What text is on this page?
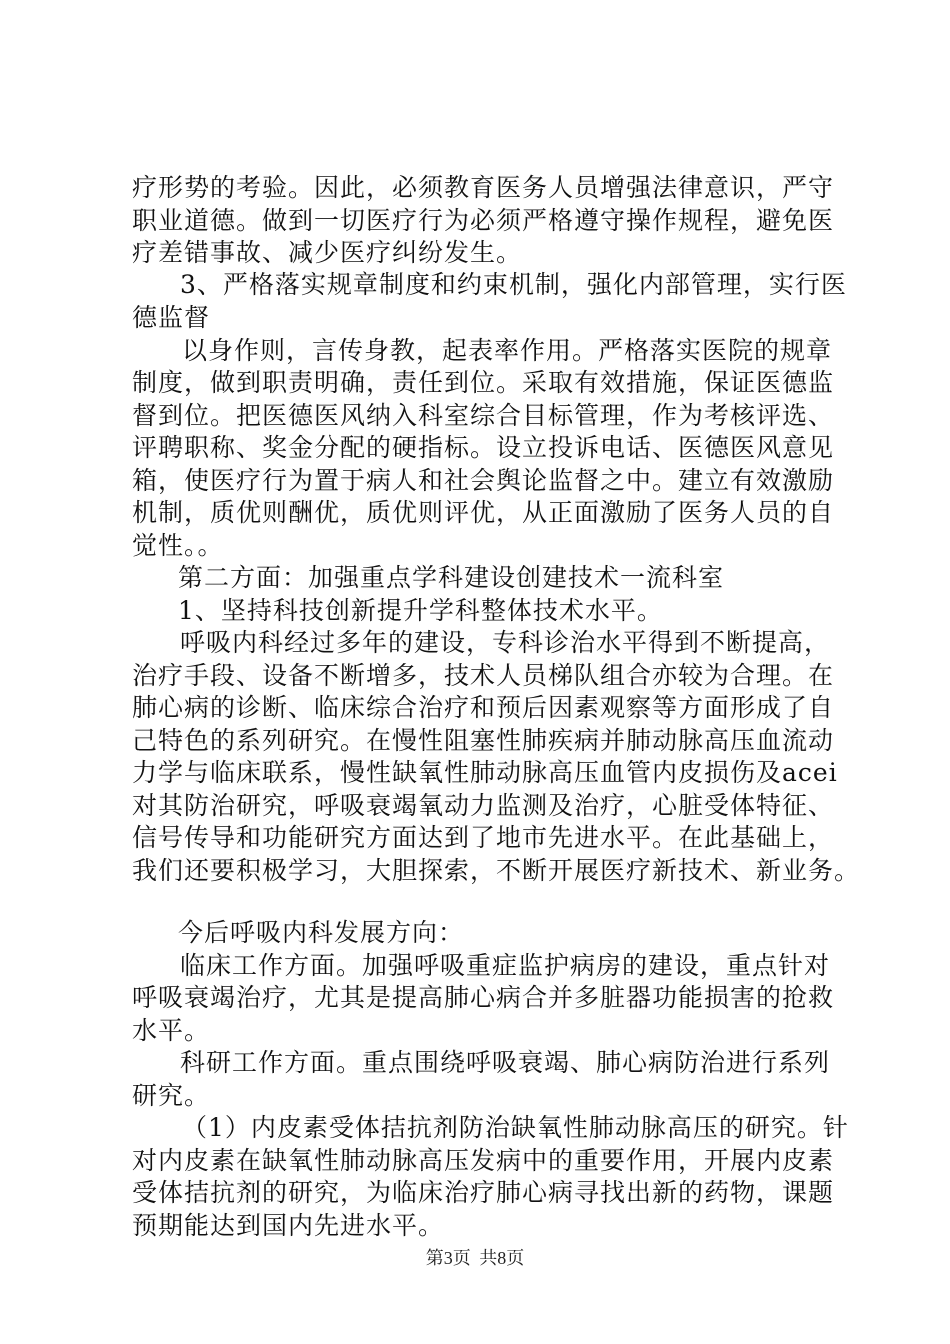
疗形势的考验。因此，必须教育医务人员增强法律意识，严守
职业道德。做到一切医疗行为必须严格遵守操作规程，避免医
疗差错事故、减少医疗纠纷发生。
3、严格落实规章制度和约束机制，强化内部管理，实行医
德监督
以身作则，言传身教，起表率作用。严格落实医院的规章
制度，做到职责明确，责任到位。采取有效措施，保证医德监
督到位。把医德医风纳入科室综合目标管理，作为考核评选、
评聘职称、奖金分配的硬指标。设立投诉电话、医德医风意见
箱，使医疗行为置于病人和社会舆论监督之中。建立有效激励
机制，质优则酬优，质优则评优，从正面激励了医务人员的自
觉性。。
第二方面：加强重点学科建设创建技术一流科室
1、坚持科技创新提升学科整体技术水平。
呼吸内科经过多年的建设，专科诊治水平得到不断提高，
治疗手段、设备不断增多，技术人员梯队组合亦较为合理。在
肺心病的诊断、临床综合治疗和预后因素观察等方面形成了自
己特色的系列研究。在慢性阻塞性肺疾病并肺动脉高压血流动
力学与临床联系，慢性缺氧性肺动脉高压血管内皮损伤及acei
对其防治研究，呼吸衰竭氧动力监测及治疗，心脏受体特征、
信号传导和功能研究方面达到了地市先进水平。在此基础上，
我们还要积极学习，大胆探索，不断开展医疗新技术、新业务。
今后呼吸内科发展方向：
临床工作方面。加强呼吸重症监护病房的建设，重点针对
呼吸衰竭治疗，尤其是提高肺心病合并多脏器功能损害的抢救
水平。
科研工作方面。重点围绕呼吸衰竭、肺心病防治进行系列
研究。
（1）内皮素受体拮抗剂防治缺氧性肺动脉高压的研究。针
对内皮素在缺氧性肺动脉高压发病中的重要作用，开展内皮素
受体拮抗剂的研究，为临床治疗肺心病寻找出新的药物，课题
预期能达到国内先进水平。
第3页 共8页
